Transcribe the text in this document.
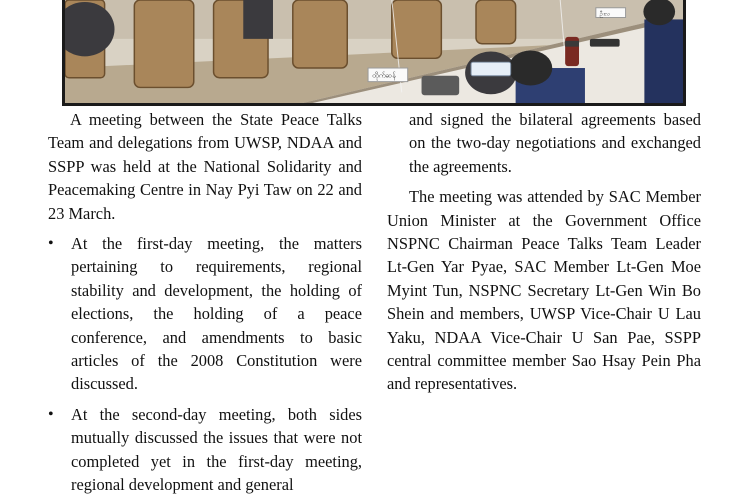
ထိုက်ဆန်
ဦးလ

A meeting between the State Peace Talks Team and delegations from UWSP, NDAA and SSPP was held at the National Solidarity and Peacemaking Centre in Nay Pyi Taw on 22 and 23 March.

• At the first-day meeting, the matters pertaining to requirements, regional stability and development, the holding of elections, the holding of a peace conference, and amendments to basic articles of the 2008 Constitution were discussed.
• At the second-day meeting, both sides mutually discussed the issues that were not completed yet in the first-day meeting, regional development and general

and signed the bilateral agreements based on the two-day negotiations and exchanged the agreements.

The meeting was attended by SAC Member Union Minister at the Government Office NSPNC Chairman Peace Talks Team Leader Lt-Gen Yar Pyae, SAC Member Lt-Gen Moe Myint Tun, NSPNC Secretary Lt-Gen Win Bo Shein and members, UWSP Vice-Chair U Lau Yaku, NDAA Vice-Chair U San Pae, SSPP central committee member Sao Hsay Pein Pha and representatives.
